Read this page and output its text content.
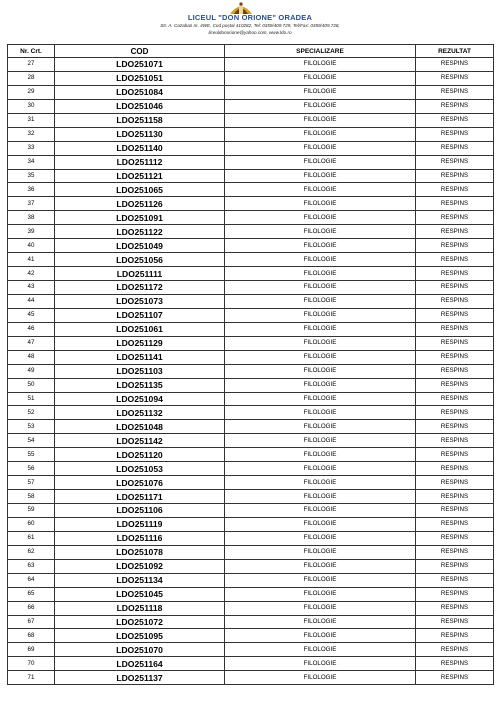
LICEUL "DON ORIONE" ORADEA
Str. A. Cazaban nr. 4WE, Cod poştal 410282, Tel: 0359/409.729, Tel/Fax: 0359/409.728,
liceuldonorione@yahoo.com, www.ldo.ro
Nr. Crt.	COD	SPECIALIZARE	REZULTAT
27	LDO251071	FILOLOGIE	RESPINS
28	LDO251051	FILOLOGIE	RESPINS
29	LDO251084	FILOLOGIE	RESPINS
30	LDO251046	FILOLOGIE	RESPINS
31	LDO251158	FILOLOGIE	RESPINS
32	LDO251130	FILOLOGIE	RESPINS
33	LDO251140	FILOLOGIE	RESPINS
34	LDO251112	FILOLOGIE	RESPINS
35	LDO251121	FILOLOGIE	RESPINS
36	LDO251065	FILOLOGIE	RESPINS
37	LDO251126	FILOLOGIE	RESPINS
38	LDO251091	FILOLOGIE	RESPINS
39	LDO251122	FILOLOGIE	RESPINS
40	LDO251049	FILOLOGIE	RESPINS
41	LDO251056	FILOLOGIE	RESPINS
42	LDO251111	FILOLOGIE	RESPINS
43	LDO251172	FILOLOGIE	RESPINS
44	LDO251073	FILOLOGIE	RESPINS
45	LDO251107	FILOLOGIE	RESPINS
46	LDO251061	FILOLOGIE	RESPINS
47	LDO251129	FILOLOGIE	RESPINS
48	LDO251141	FILOLOGIE	RESPINS
49	LDO251103	FILOLOGIE	RESPINS
50	LDO251135	FILOLOGIE	RESPINS
51	LDO251094	FILOLOGIE	RESPINS
52	LDO251132	FILOLOGIE	RESPINS
53	LDO251048	FILOLOGIE	RESPINS
54	LDO251142	FILOLOGIE	RESPINS
55	LDO251120	FILOLOGIE	RESPINS
56	LDO251053	FILOLOGIE	RESPINS
57	LDO251076	FILOLOGIE	RESPINS
58	LDO251171	FILOLOGIE	RESPINS
59	LDO251106	FILOLOGIE	RESPINS
60	LDO251119	FILOLOGIE	RESPINS
61	LDO251116	FILOLOGIE	RESPINS
62	LDO251078	FILOLOGIE	RESPINS
63	LDO251092	FILOLOGIE	RESPINS
64	LDO251134	FILOLOGIE	RESPINS
65	LDO251045	FILOLOGIE	RESPINS
66	LDO251118	FILOLOGIE	RESPINS
67	LDO251072	FILOLOGIE	RESPINS
68	LDO251095	FILOLOGIE	RESPINS
69	LDO251070	FILOLOGIE	RESPINS
70	LDO251164	FILOLOGIE	RESPINS
71	LDO251137	FILOLOGIE	RESPINS
